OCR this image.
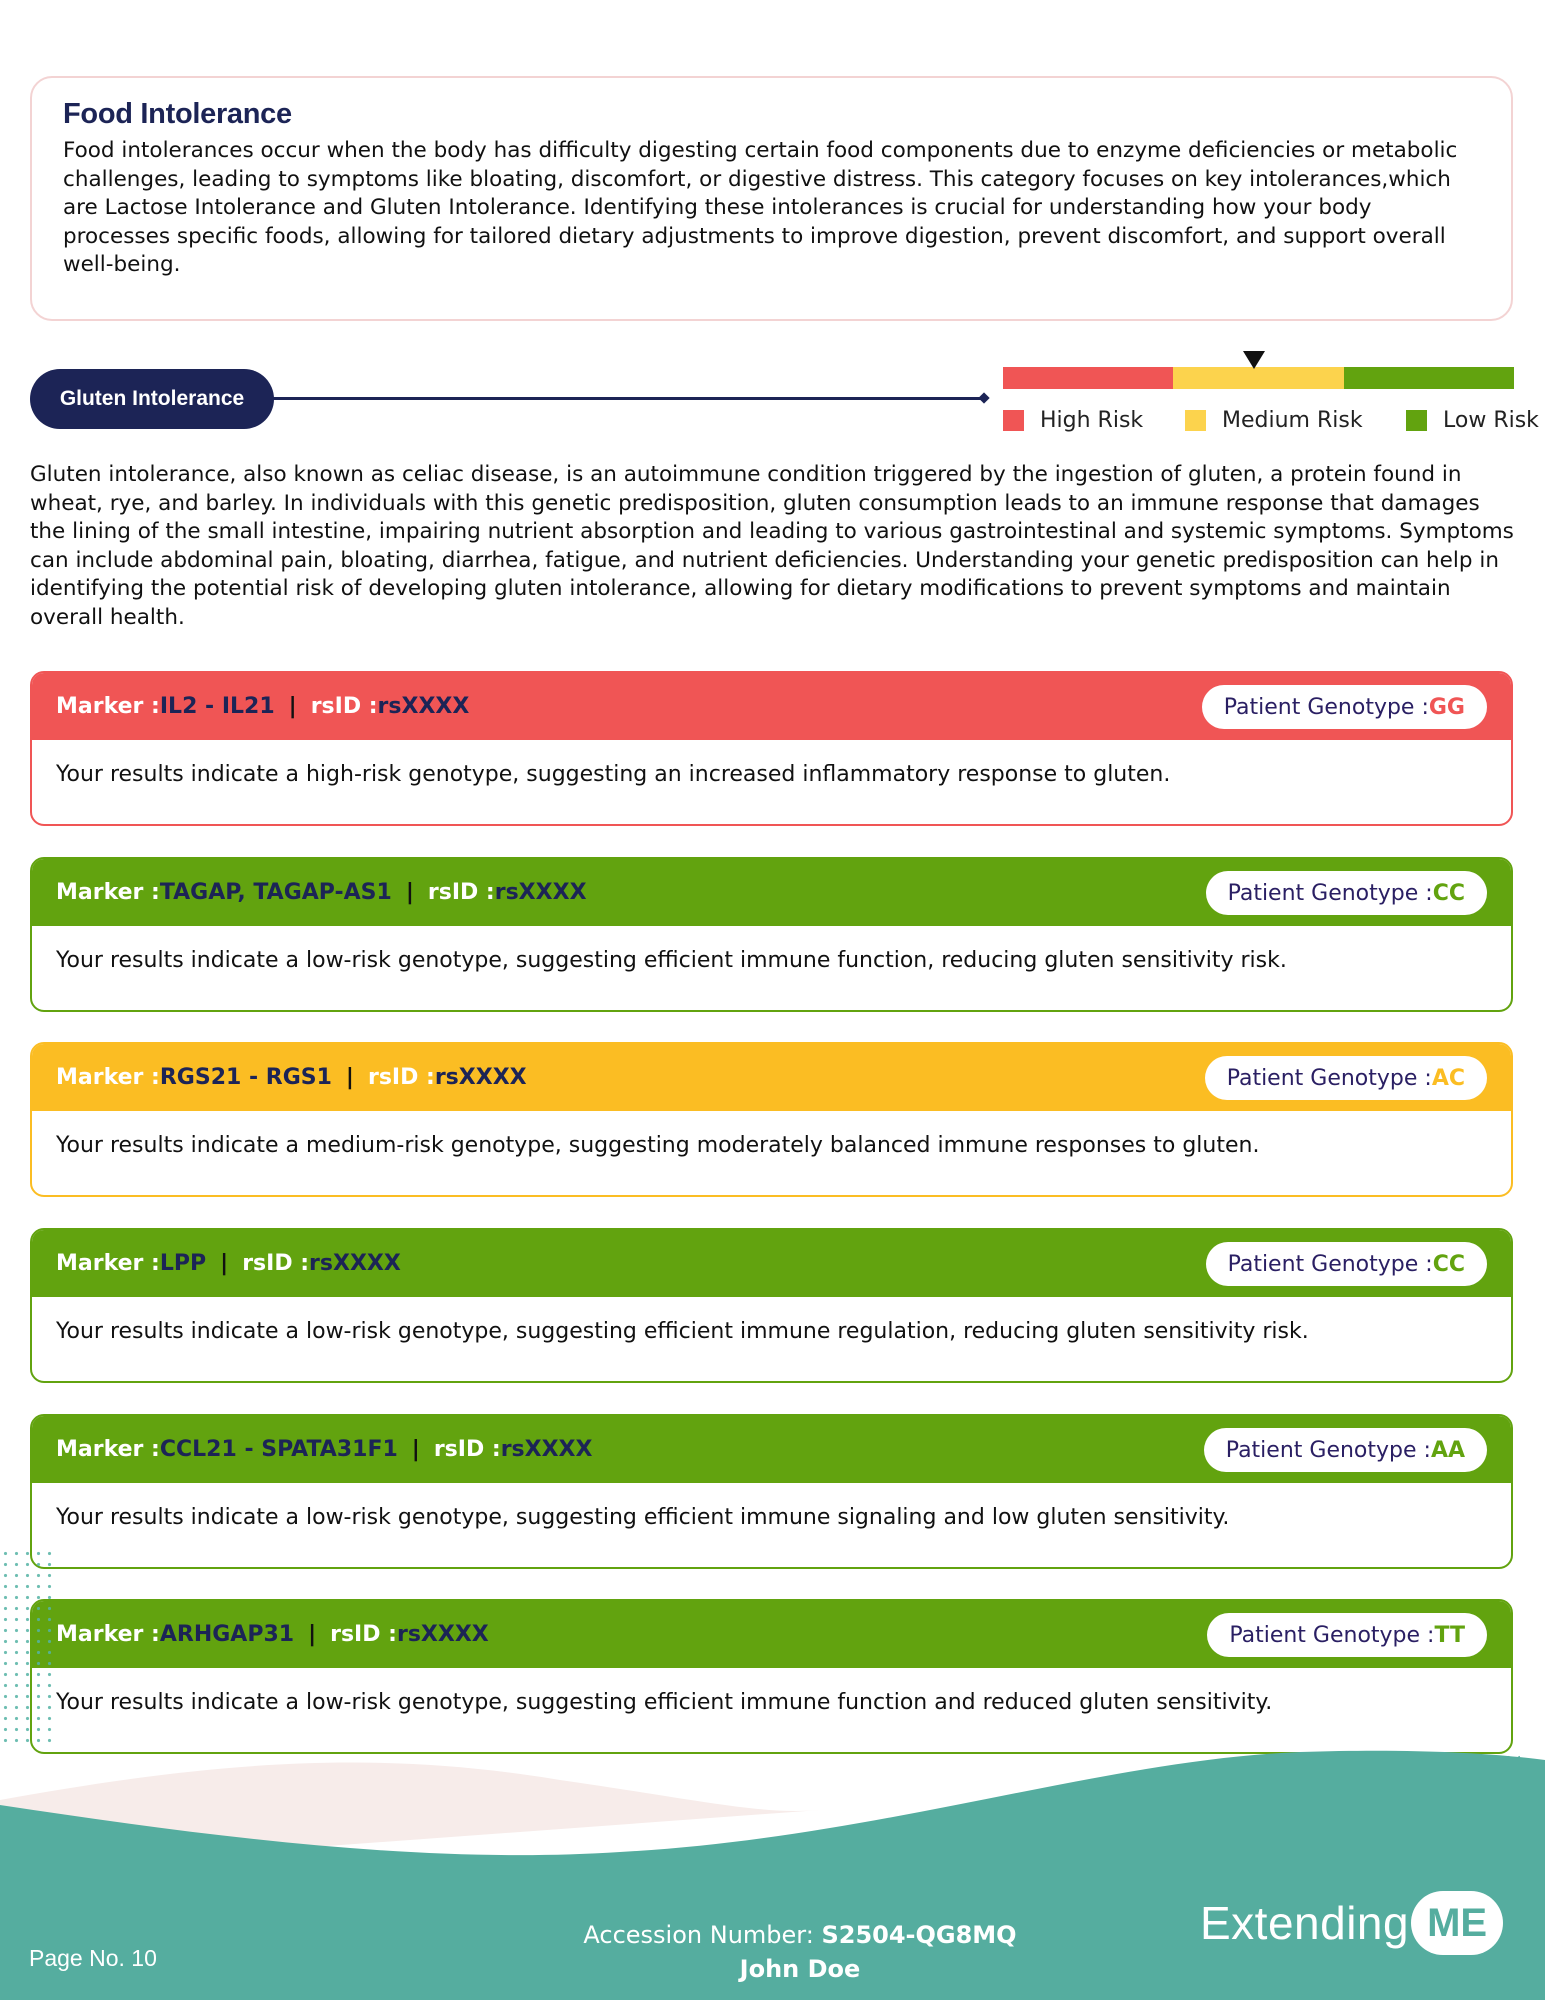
Food Intolerance

Food intolerances occur when the body has difficulty digesting certain food components due to enzyme deficiencies or metabolic challenges, leading to symptoms like bloating, discomfort, or digestive distress. This category focuses on key intolerances,which are Lactose Intolerance and Gluten Intolerance. Identifying these intolerances is crucial for understanding how your body processes specific foods, allowing for tailored dietary adjustments to improve digestion, prevent discomfort, and support overall well-being.

Gluten Intolerance
High Risk	Medium Risk	Low Risk

Gluten intolerance, also known as celiac disease, is an autoimmune condition triggered by the ingestion of gluten, a protein found in wheat, rye, and barley. In individuals with this genetic predisposition, gluten consumption leads to an immune response that damages the lining of the small intestine, impairing nutrient absorption and leading to various gastrointestinal and systemic symptoms. Symptoms can include abdominal pain, bloating, diarrhea, fatigue, and nutrient deficiencies. Understanding your genetic predisposition can help in identifying the potential risk of developing gluten intolerance, allowing for dietary modifications to prevent symptoms and maintain overall health.

Marker : IL2 - IL21 | rsID : rsXXXX	Patient Genotype : GG
Your results indicate a high-risk genotype, suggesting an increased inflammatory response to gluten.
Marker : TAGAP, TAGAP-AS1 | rsID : rsXXXX	Patient Genotype : CC
Your results indicate a low-risk genotype, suggesting efficient immune function, reducing gluten sensitivity risk.
Marker : RGS21 - RGS1 | rsID : rsXXXX	Patient Genotype : AC
Your results indicate a medium-risk genotype, suggesting moderately balanced immune responses to gluten.
Marker : LPP | rsID : rsXXXX	Patient Genotype : CC
Your results indicate a low-risk genotype, suggesting efficient immune regulation, reducing gluten sensitivity risk.
Marker : CCL21 - SPATA31F1 | rsID : rsXXXX	Patient Genotype : AA
Your results indicate a low-risk genotype, suggesting efficient immune signaling and low gluten sensitivity.
Marker : ARHGAP31 | rsID : rsXXXX	Patient Genotype : TT
Your results indicate a low-risk genotype, suggesting efficient immune function and reduced gluten sensitivity.
Page No. 10
Accession Number: S2504-QG8MQ
John Doe
Extending ME
